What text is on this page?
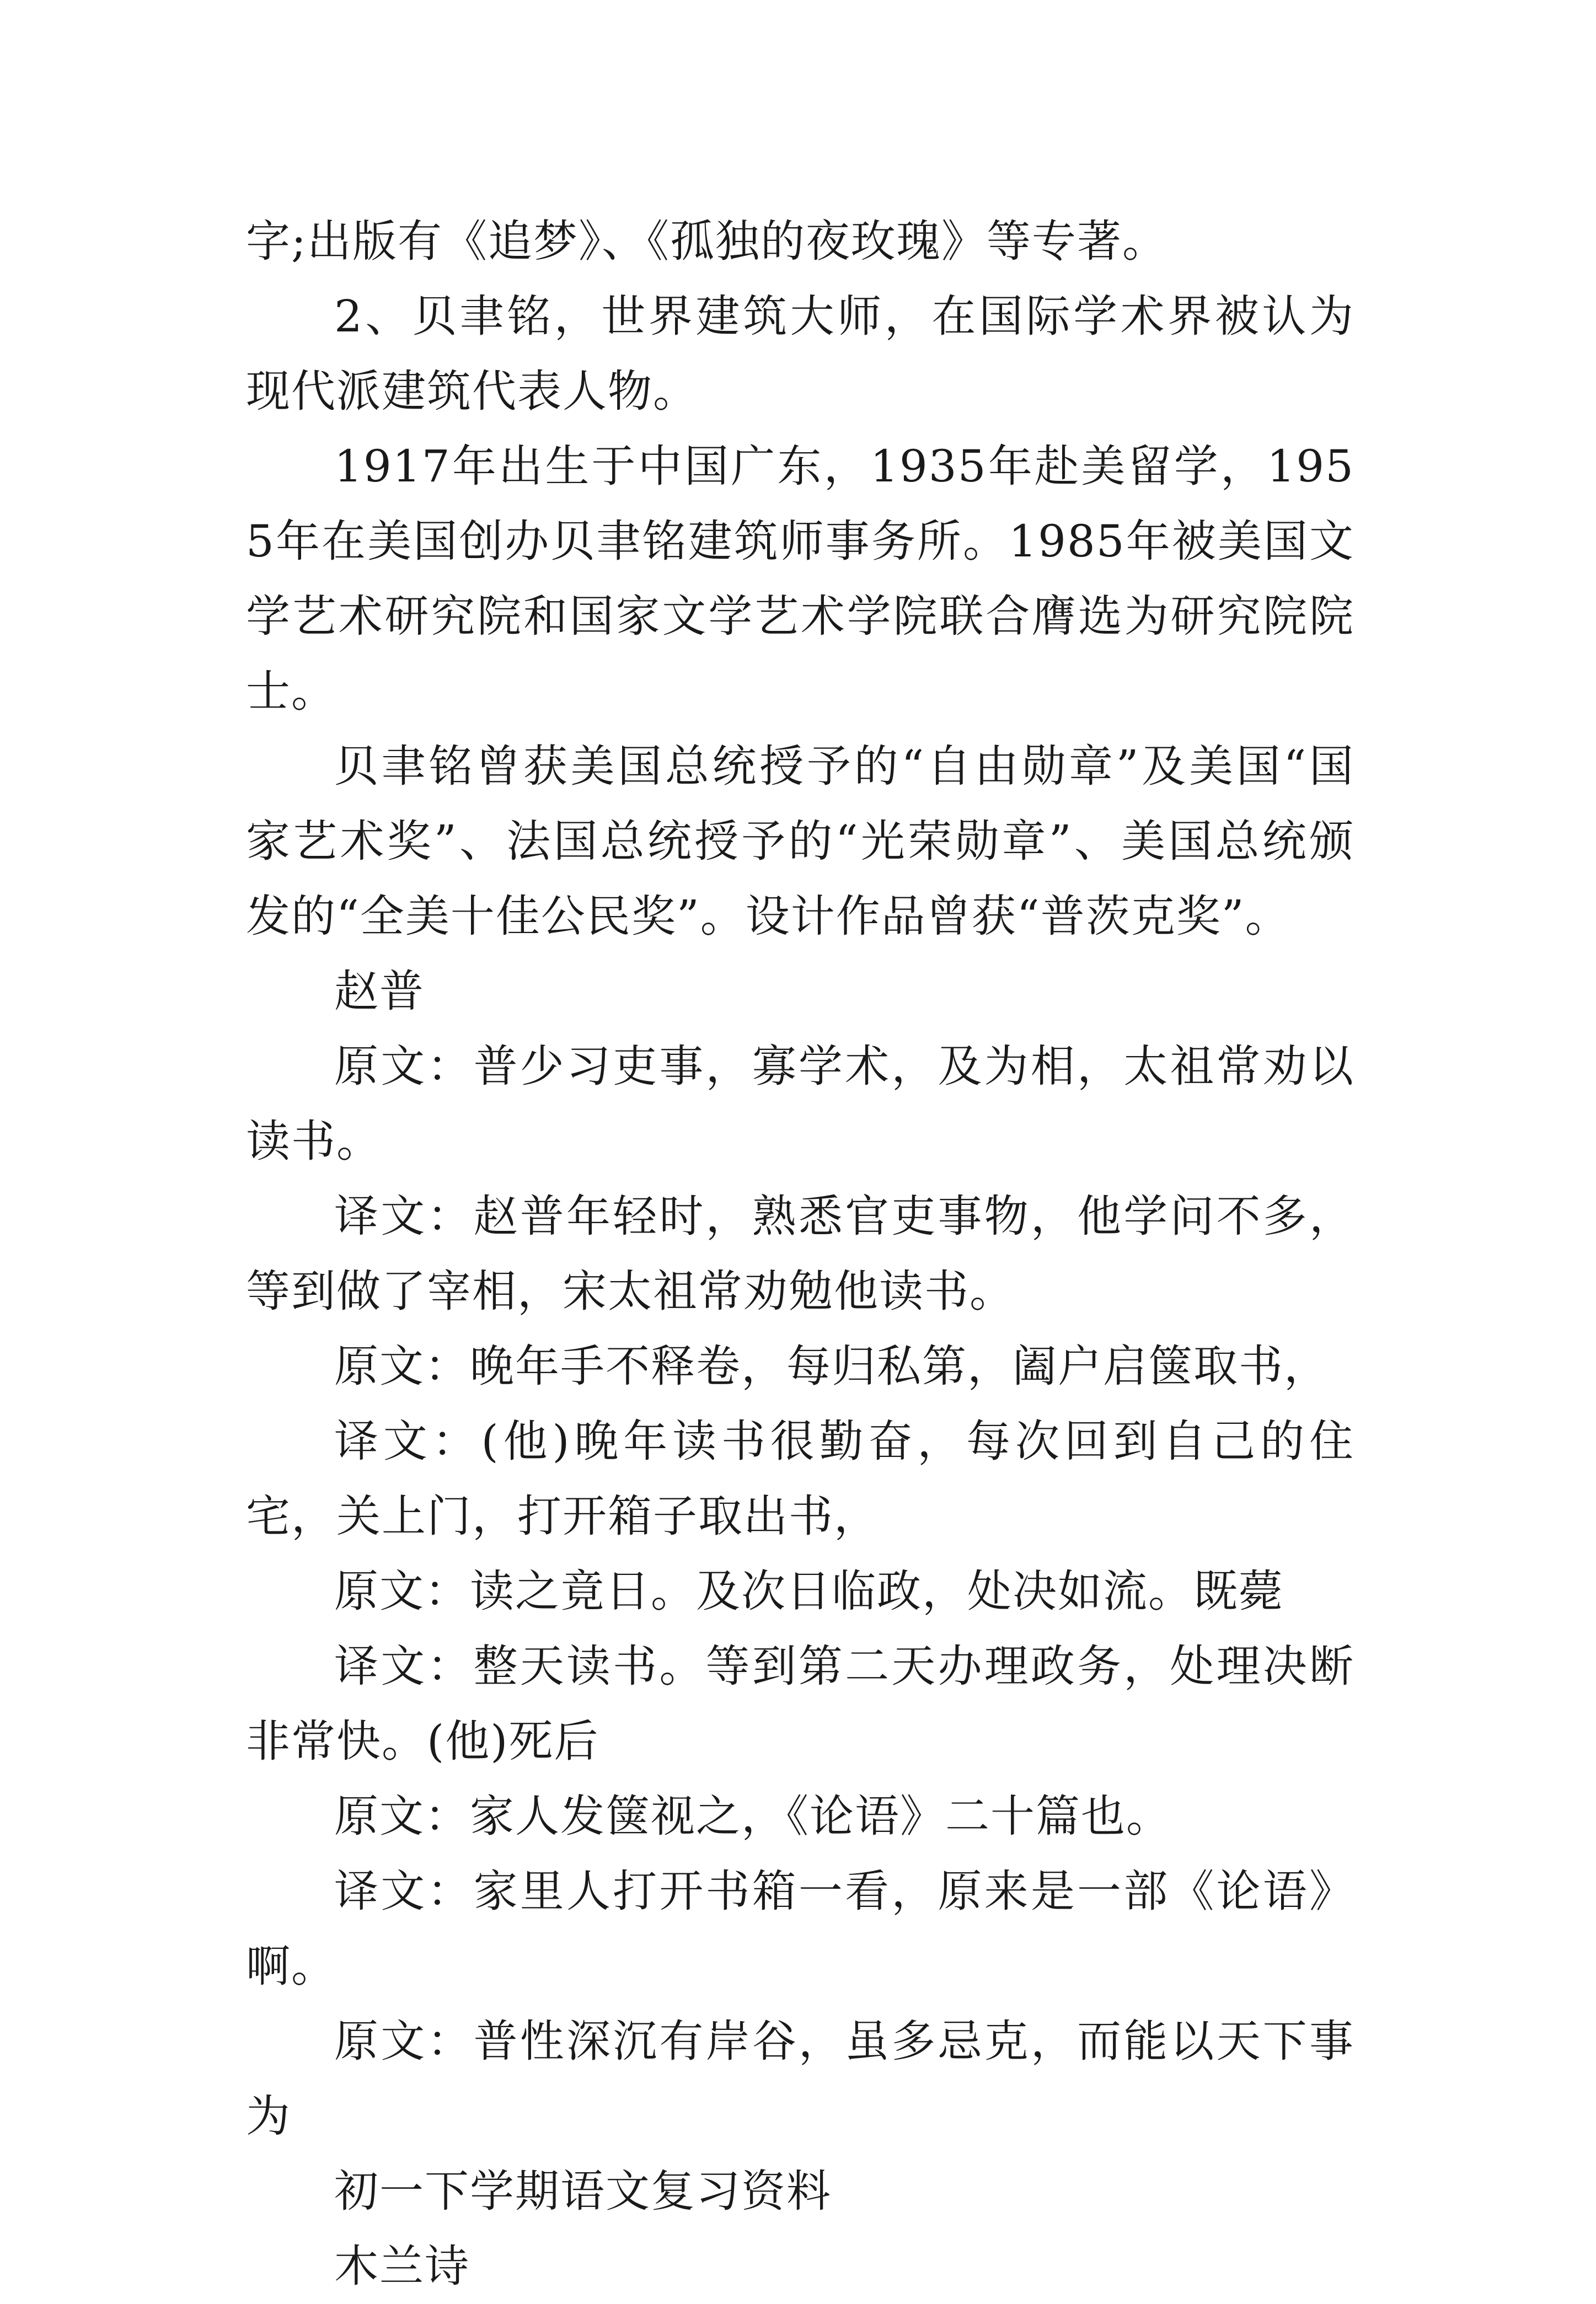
字;出版有《追梦》、《孤独的夜玫瑰》等专著。

2、贝聿铭，世界建筑大师，在国际学术界被认为现代派建筑代表人物。

1917年出生于中国广东，1935年赴美留学，1955年在美国创办贝聿铭建筑师事务所。1985年被美国文学艺术研究院和国家文学艺术学院联合膺选为研究院院士。

贝聿铭曾获美国总统授予的“自由勋章”及美国“国家艺术奖”、法国总统授予的“光荣勋章”、美国总统颁发的“全美十佳公民奖”。设计作品曾获“普茨克奖”。

赵普

原文：普少习吏事，寡学术，及为相，太祖常劝以读书。

译文：赵普年轻时，熟悉官吏事物，他学问不多，等到做了宰相，宋太祖常劝勉他读书。

原文：晚年手不释卷，每归私第，阖户启箧取书，

译文：(他)晚年读书很勤奋，每次回到自己的住宅，关上门，打开箱子取出书，

原文：读之竟日。及次日临政，处决如流。既薨

译文：整天读书。等到第二天办理政务，处理决断非常快。(他)死后

原文：家人发箧视之，《论语》二十篇也。

译文：家里人打开书箱一看，原来是一部《论语》啊。

原文：普性深沉有岸谷，虽多忌克，而能以天下事为

初一下学期语文复习资料

木兰诗
